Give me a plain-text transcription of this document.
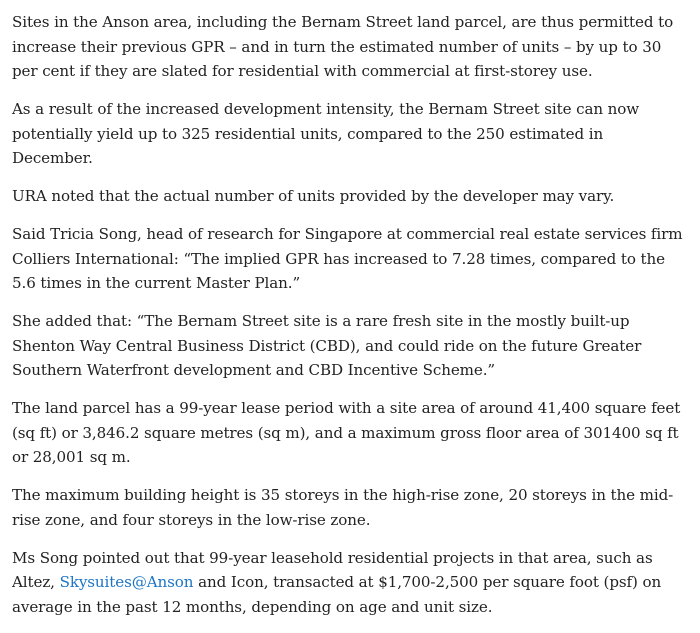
Sites in the Anson area, including the Bernam Street land parcel, are thus permitted to increase their previous GPR – and in turn the estimated number of units – by up to 30 per cent if they are slated for residential with commercial at first-storey use.

As a result of the increased development intensity, the Bernam Street site can now potentially yield up to 325 residential units, compared to the 250 estimated in December.

URA noted that the actual number of units provided by the developer may vary.

Said Tricia Song, head of research for Singapore at commercial real estate services firm Colliers International: “The implied GPR has increased to 7.28 times, compared to the 5.6 times in the current Master Plan.”

She added that: “The Bernam Street site is a rare fresh site in the mostly built-up Shenton Way Central Business District (CBD), and could ride on the future Greater Southern Waterfront development and CBD Incentive Scheme.”

The land parcel has a 99-year lease period with a site area of around 41,400 square feet (sq ft) or 3,846.2 square metres (sq m), and a maximum gross floor area of 301400 sq ft or 28,001 sq m.

The maximum building height is 35 storeys in the high-rise zone, 20 storeys in the mid-rise zone, and four storeys in the low-rise zone.

Ms Song pointed out that 99-year leasehold residential projects in that area, such as Altez, Skysuites@Anson and Icon, transacted at $1,700-2,500 per square foot (psf) on average in the past 12 months, depending on age and unit size.
